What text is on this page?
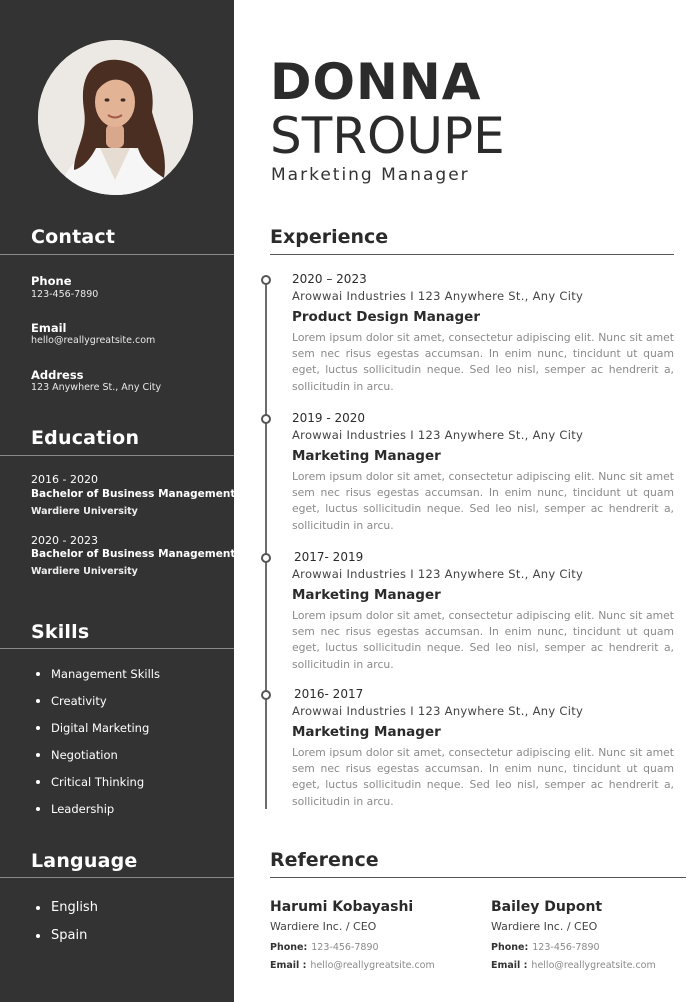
Contact
Phone
123-456-7890
Email
hello@reallygreatsite.com
Address
123 Anywhere St., Any City
Education
2016 - 2020
Bachelor of Business Management
Wardiere University
2020 - 2023
Bachelor of Business Management
Wardiere University
Skills
Management Skills
Creativity
Digital Marketing
Negotiation
Critical Thinking
Leadership
Language
English
Spain
DONNA
STROUPE
Marketing Manager
Experience
2020 – 2023
Arowwai Industries I 123 Anywhere St., Any City
Product Design Manager

Lorem ipsum dolor sit amet, consectetur adipiscing elit. Nunc sit amet sem nec risus egestas accumsan. In enim nunc, tincidunt ut quam eget, luctus sollicitudin neque. Sed leo nisl, semper ac hendrerit a, sollicitudin in arcu.

2019 - 2020
Arowwai Industries I 123 Anywhere St., Any City
Marketing Manager

Lorem ipsum dolor sit amet, consectetur adipiscing elit. Nunc sit amet sem nec risus egestas accumsan. In enim nunc, tincidunt ut quam eget, luctus sollicitudin neque. Sed leo nisl, semper ac hendrerit a, sollicitudin in arcu.

2017- 2019
Arowwai Industries I 123 Anywhere St., Any City
Marketing Manager

Lorem ipsum dolor sit amet, consectetur adipiscing elit. Nunc sit amet sem nec risus egestas accumsan. In enim nunc, tincidunt ut quam eget, luctus sollicitudin neque. Sed leo nisl, semper ac hendrerit a, sollicitudin in arcu.

2016- 2017
Arowwai Industries I 123 Anywhere St., Any City
Marketing Manager

Lorem ipsum dolor sit amet, consectetur adipiscing elit. Nunc sit amet sem nec risus egestas accumsan. In enim nunc, tincidunt ut quam eget, luctus sollicitudin neque. Sed leo nisl, semper ac hendrerit a, sollicitudin in arcu.

Reference
Harumi Kobayashi
Wardiere Inc. / CEO
Phone: 123-456-7890
Email : hello@reallygreatsite.com
Bailey Dupont
Wardiere Inc. / CEO
Phone: 123-456-7890
Email : hello@reallygreatsite.com
